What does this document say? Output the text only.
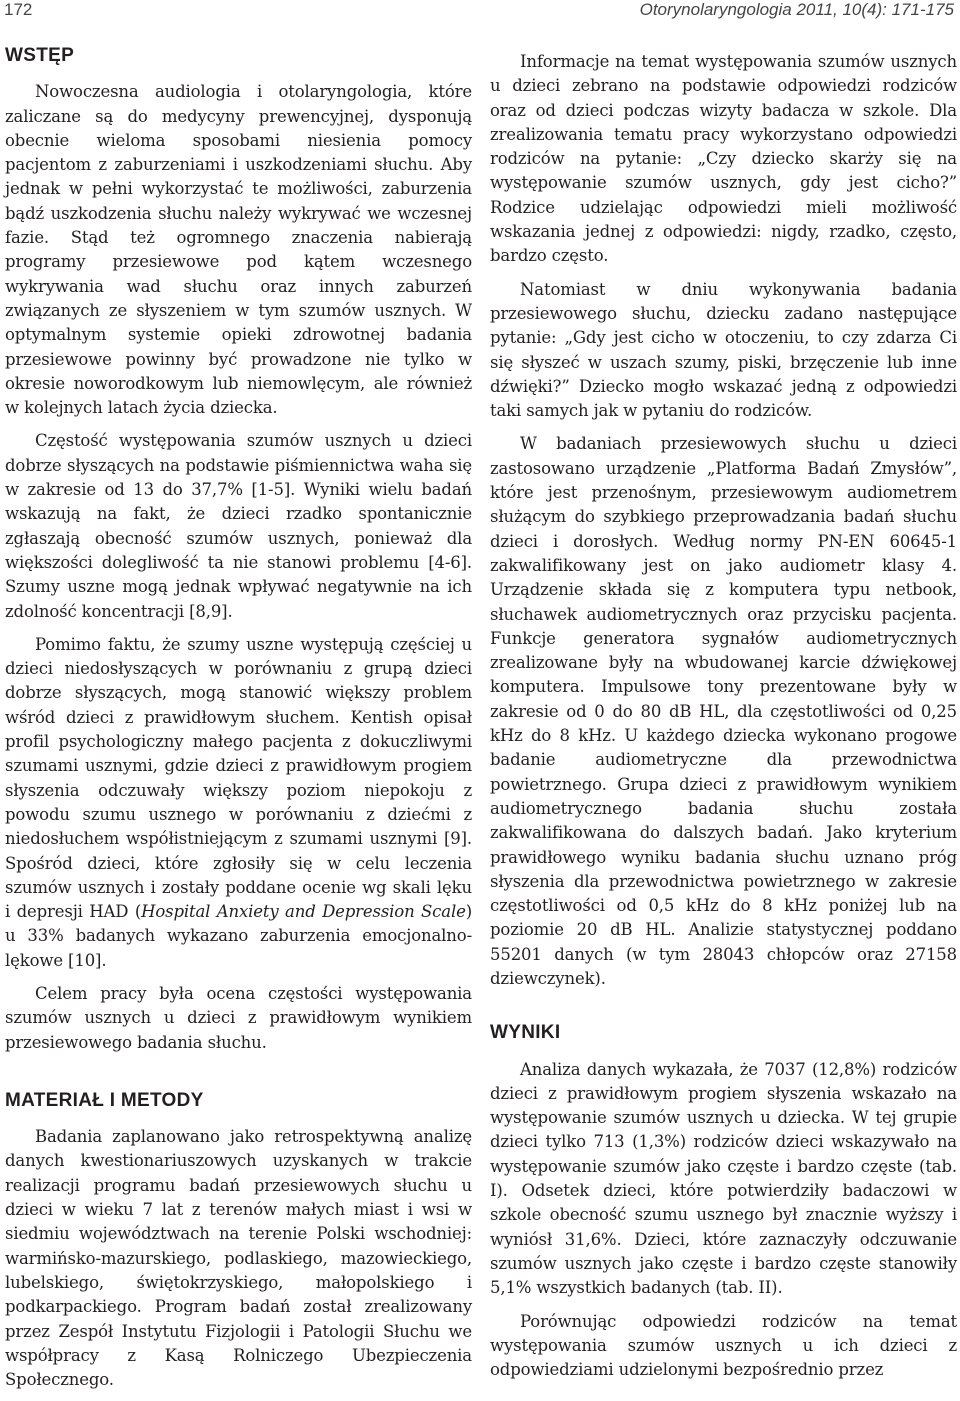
172	Otorynolaryngologia 2011, 10(4): 171-175
WSTĘP

Nowoczesna audiologia i otolaryngologia, które zaliczane są do medycyny prewencyjnej, dysponują obecnie wieloma sposobami niesienia pomocy pacjentom z zaburzeniami i uszkodzeniami słuchu. Aby jednak w pełni wykorzystać te możliwości, zaburzenia bądź uszkodzenia słuchu należy wykrywać we wczesnej fazie. Stąd też ogromnego znaczenia nabierają programy przesiewowe pod kątem wczesnego wykrywania wad słuchu oraz innych zaburzeń związanych ze słyszeniem w tym szumów usznych. W optymalnym systemie opieki zdrowotnej badania przesiewowe powinny być prowadzone nie tylko w okresie noworodkowym lub niemowlęcym, ale również w kolejnych latach życia dziecka.

Częstość występowania szumów usznych u dzieci dobrze słyszących na podstawie piśmiennictwa waha się w zakresie od 13 do 37,7% [1-5]. Wyniki wielu badań wskazują na fakt, że dzieci rzadko spontanicznie zgłaszają obecność szumów usznych, ponieważ dla większości dolegliwość ta nie stanowi problemu [4-6]. Szumy uszne mogą jednak wpływać negatywnie na ich zdolność koncentracji [8,9].

Pomimo faktu, że szumy uszne występują częściej u dzieci niedosłyszących w porównaniu z grupą dzieci dobrze słyszących, mogą stanowić większy problem wśród dzieci z prawidłowym słuchem. Kentish opisał profil psychologiczny małego pacjenta z dokuczliwymi szumami usznymi, gdzie dzieci z prawidłowym progiem słyszenia odczuwały większy poziom niepokoju z powodu szumu usznego w porównaniu z dziećmi z niedosłuchem współistniejącym z szumami usznymi [9]. Spośród dzieci, które zgłosiły się w celu leczenia szumów usznych i zostały poddane ocenie wg skali lęku i depresji HAD (Hospital Anxiety and Depression Scale) u 33% badanych wykazano zaburzenia emocjonalno-lękowe [10].

Celem pracy była ocena częstości występowania szumów usznych u dzieci z prawidłowym wynikiem przesiewowego badania słuchu.

MATERIAŁ I METODY

Badania zaplanowano jako retrospektywną analizę danych kwestionariuszowych uzyskanych w trakcie realizacji programu badań przesiewowych słuchu u dzieci w wieku 7 lat z terenów małych miast i wsi w siedmiu województwach na terenie Polski wschodniej: warmińsko-mazurskiego, podlaskiego, mazowieckiego, lubelskiego, świętokrzyskiego, małopolskiego i podkarpackiego. Program badań został zrealizowany przez Zespół Instytutu Fizjologii i Patologii Słuchu we współpracy z Kasą Rolniczego Ubezpieczenia Społecznego.

Informacje na temat występowania szumów usznych u dzieci zebrano na podstawie odpowiedzi rodziców oraz od dzieci podczas wizyty badacza w szkole. Dla zrealizowania tematu pracy wykorzystano odpowiedzi rodziców na pytanie: „Czy dziecko skarży się na występowanie szumów usznych, gdy jest cicho?” Rodzice udzielając odpowiedzi mieli możliwość wskazania jednej z odpowiedzi: nigdy, rzadko, często, bardzo często.

Natomiast w dniu wykonywania badania przesiewowego słuchu, dziecku zadano następujące pytanie: „Gdy jest cicho w otoczeniu, to czy zdarza Ci się słyszeć w uszach szumy, piski, brzęczenie lub inne dźwięki?” Dziecko mogło wskazać jedną z odpowiedzi taki samych jak w pytaniu do rodziców.

W badaniach przesiewowych słuchu u dzieci zastosowano urządzenie „Platforma Badań Zmysłów”, które jest przenośnym, przesiewowym audiometrem służącym do szybkiego przeprowadzania badań słuchu dzieci i dorosłych. Według normy PN-EN 60645-1 zakwalifikowany jest on jako audiometr klasy 4. Urządzenie składa się z komputera typu netbook, słuchawek audiometrycznych oraz przycisku pacjenta. Funkcje generatora sygnałów audiometrycznych zrealizowane były na wbudowanej karcie dźwiękowej komputera. Impulsowe tony prezentowane były w zakresie od 0 do 80 dB HL, dla częstotliwości od 0,25 kHz do 8 kHz. U każdego dziecka wykonano progowe badanie audiometryczne dla przewodnictwa powietrznego. Grupa dzieci z prawidłowym wynikiem audiometrycznego badania słuchu została zakwalifikowana do dalszych badań. Jako kryterium prawidłowego wyniku badania słuchu uznano próg słyszenia dla przewodnictwa powietrznego w zakresie częstotliwości od 0,5 kHz do 8 kHz poniżej lub na poziomie 20 dB HL. Analizie statystycznej poddano 55201 danych (w tym 28043 chłopców oraz 27158 dziewczynek).

WYNIKI

Analiza danych wykazała, że 7037 (12,8%) rodziców dzieci z prawidłowym progiem słyszenia wskazało na występowanie szumów usznych u dziecka. W tej grupie dzieci tylko 713 (1,3%) rodziców dzieci wskazywało na występowanie szumów jako częste i bardzo częste (tab. I). Odsetek dzieci, które potwierdziły badaczowi w szkole obecność szumu usznego był znacznie wyższy i wyniósł 31,6%. Dzieci, które zaznaczyły odczuwanie szumów usznych jako częste i bardzo częste stanowiły 5,1% wszystkich badanych (tab. II).

Porównując odpowiedzi rodziców na temat występowania szumów usznych u ich dzieci z odpowiedziami udzielonymi bezpośrednio przez
